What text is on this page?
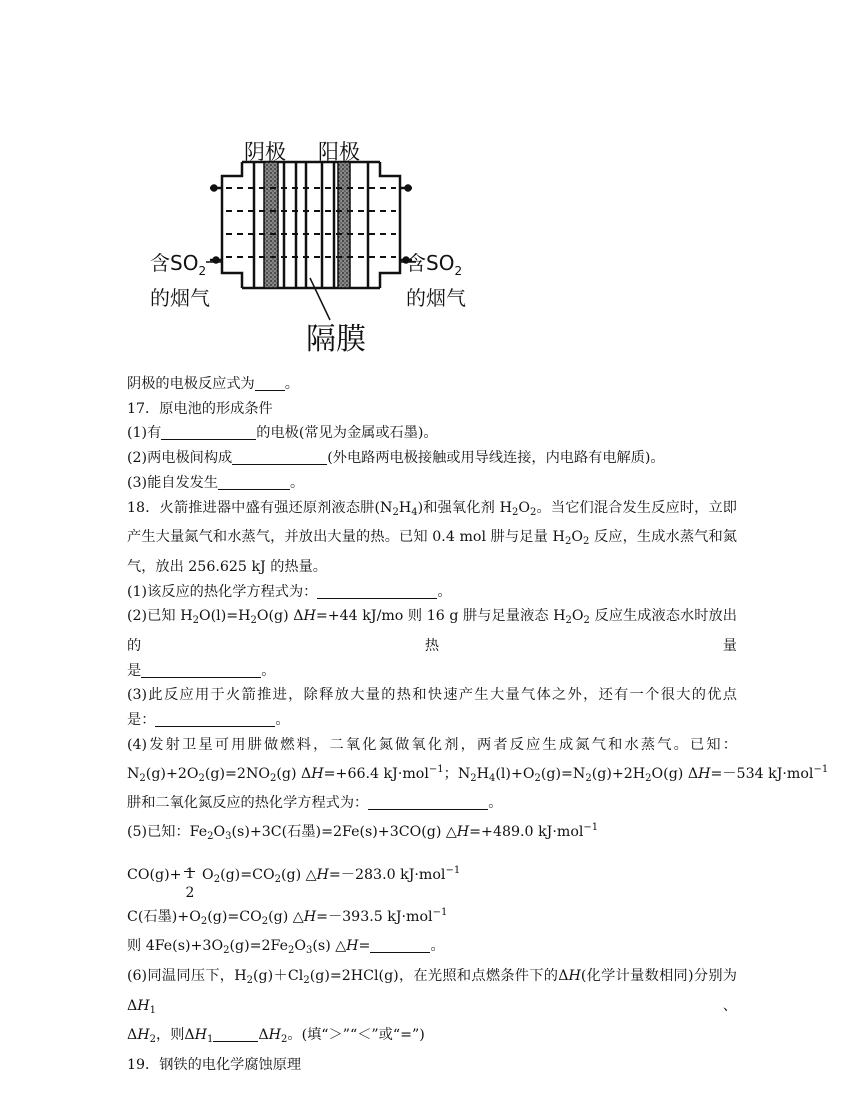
阴极 阳极
含$SO_2$
的烟气
含$SO_2$
的烟气
隔膜
阴极的电极反应式为 。
17．原电池的形成条件
(1)有	的电极(常见为金属或石墨)。
(2)两电极间构成	(外电路两电极接触或用导线连接，内电路有电解质)。
(3)能自发发生	。
18．火箭推进器中盛有强还原剂液态肼$(N_2H_4)$和强氧化剂 $H_2O_2$。当它们混合发生反应时，立即
产生大量氮气和水蒸气，并放出大量的热。已知 0.4 mol 肼与足量 $H_2O_2$ 反应，生成水蒸气和氮
气，放出 256.625 kJ 的热量。
(1)该反应的热化学方程式为：	。
(2)已知 $H_2O(l)=H_2O(g)$ ΔH=+44 kJ/mo 则 16 g 肼与足量液态 $H_2O_2$ 反应生成液态水时放出的热量
是	。
(3)此反应用于火箭推进，除释放大量的热和快速产生大量气体之外，还有一个很大的优点
是：	。
(4)发射卫星可用肼做燃料，二氧化氮做氧化剂，两者反应生成氮气和水蒸气。已知：
$N_2(g)+2O_2(g)=2NO_2(g)$ ΔH=+66.4 kJ·mol$^{-1}$；$N_2H_4(l)+O_2(g)=N_2(g)+2H_2O(g)$ ΔH=－534 kJ·mol$^{-1}$
肼和二氧化氮反应的热化学方程式为：	。
(5)已知：$Fe_2O_3(s)+3C$(石墨)=2Fe(s)+3CO(g) △H=+489.0 kJ·mol$^{-1}$
CO(g)+ 1
2
$O_2(g)=CO_2(g)$ △H=－283.0 kJ·mol$^{-1}$
C(石墨)$+O_2(g)=CO_2(g)$ △H=－393.5 kJ·mol$^{-1}$
则 $4Fe(s)+3O_2(g)=2Fe_2O_3(s)$ △H=	。
(6)同温同压下，$H_2(g)+Cl_2(g)=2HCl(g)$，在光照和点燃条件下的ΔH(化学计量数相同)分别为$\Delta H_1$、
$\Delta H_2$，则$\Delta H_1$	$\Delta H_2$。(填“＞”“＜”或“=”)
19．钢铁的电化学腐蚀原理
